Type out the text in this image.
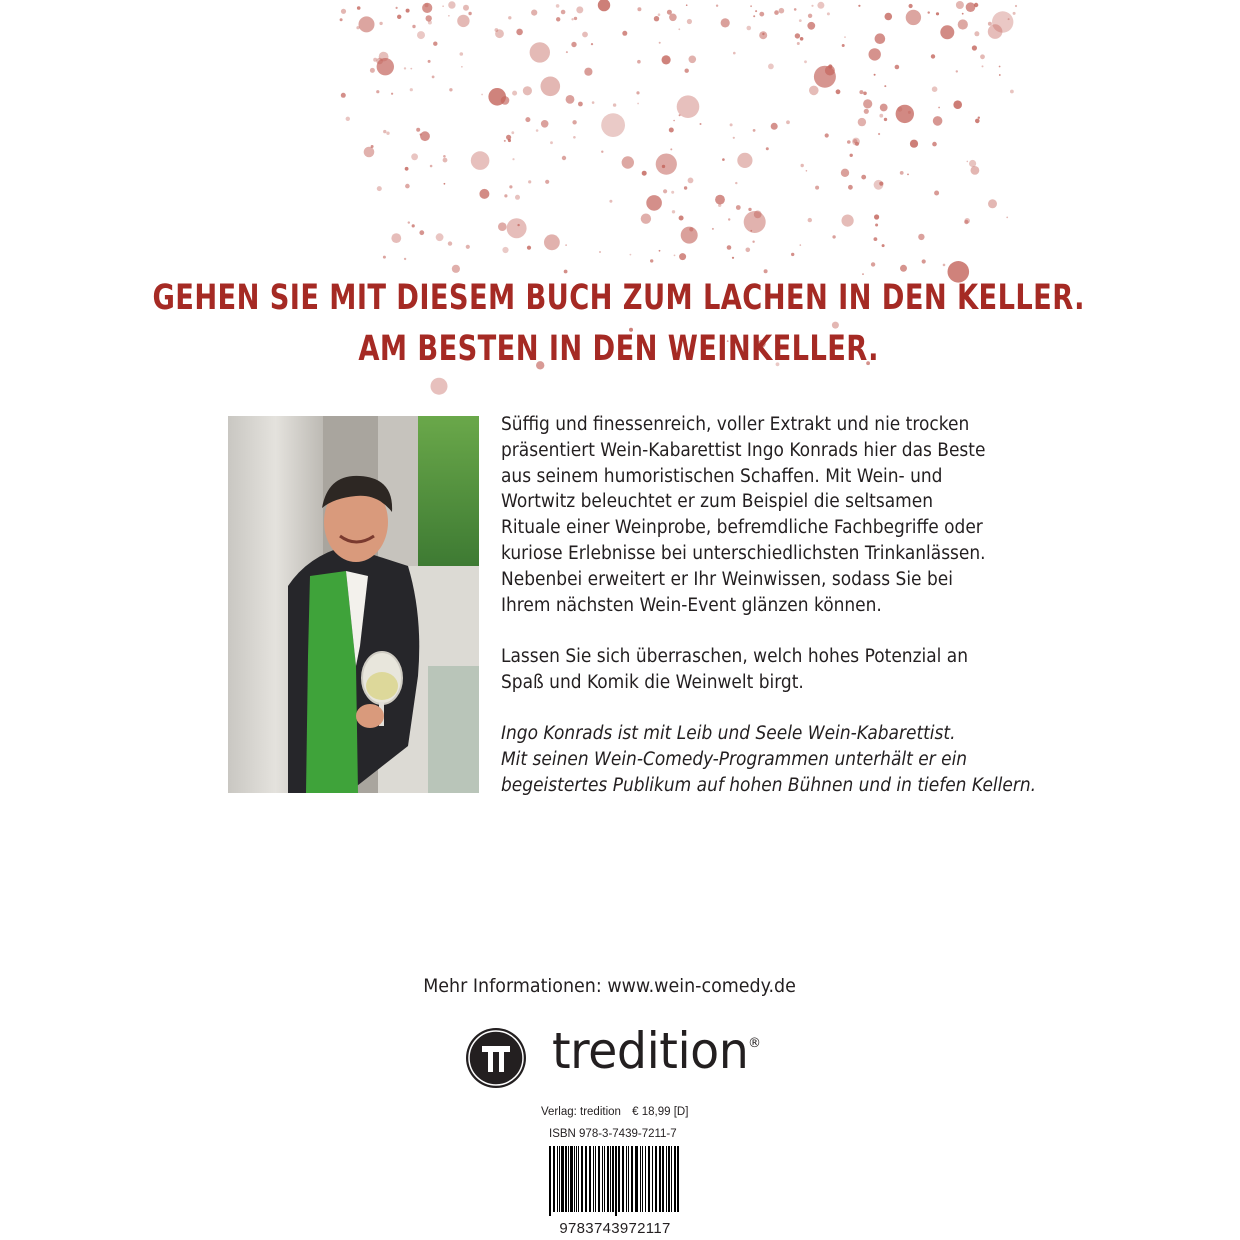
GEHEN SIE MIT DIESEM BUCH ZUM LACHEN IN DEN KELLER.
AM BESTEN IN DEN WEINKELLER.

Süffig und finessenreich, voller Extrakt und nie trocken

präsentiert Wein-Kabarettist Ingo Konrads hier das Beste

aus seinem humoristischen Schaffen. Mit Wein- und

Wortwitz beleuchtet er zum Beispiel die seltsamen

Rituale einer Weinprobe, befremdliche Fachbegriffe oder

kuriose Erlebnisse bei unterschiedlichsten Trinkanlässen.

Nebenbei erweitert er Ihr Weinwissen, sodass Sie bei

Ihrem nächsten Wein-Event glänzen können.

Lassen Sie sich überraschen, welch hohes Potenzial an

Spaß und Komik die Weinwelt birgt.

Ingo Konrads ist mit Leib und Seele Wein-Kabarettist.

Mit seinen Wein-Comedy-Programmen unterhält er ein

begeistertes Publikum auf hohen Bühnen und in tiefen Kellern.

Mehr Informationen: www.wein-comedy.de
tredition ®
Verlag: tredition € 18,99 [D]
ISBN 978-3-7439-7211-7
9783743972117
